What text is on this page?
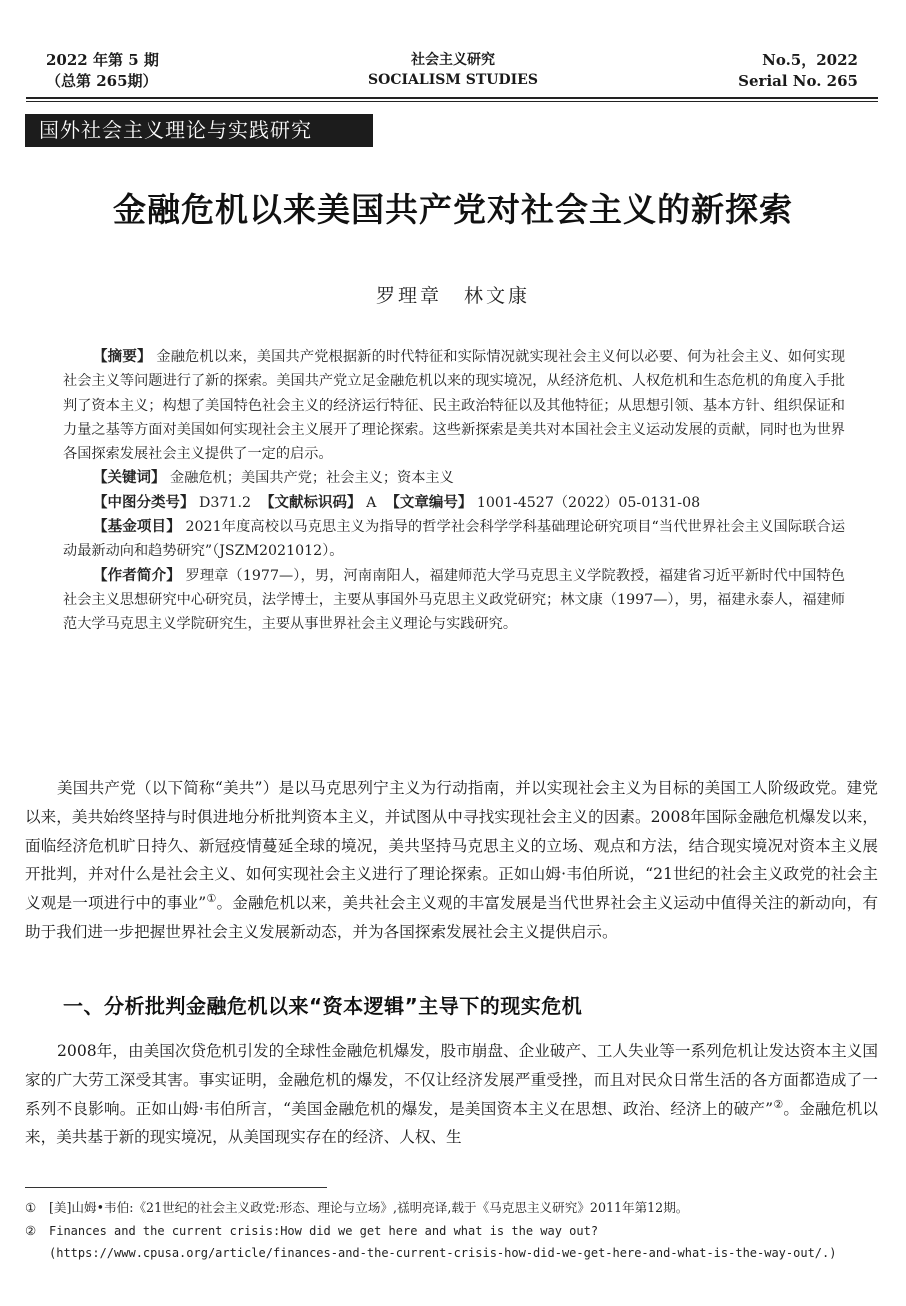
2022 年第 5 期
（总第 265期）
社会主义研究
SOCIALISM STUDIES
No.5，2022
Serial No. 265
国外社会主义理论与实践研究
金融危机以来美国共产党对社会主义的新探索
罗理章　林文康

【摘要】 金融危机以来，美国共产党根据新的时代特征和实际情况就实现社会主义何以必要、何为社会主义、如何实现社会主义等问题进行了新的探索。美国共产党立足金融危机以来的现实境况，从经济危机、人权危机和生态危机的角度入手批判了资本主义；构想了美国特色社会主义的经济运行特征、民主政治特征以及其他特征；从思想引领、基本方针、组织保证和力量之基等方面对美国如何实现社会主义展开了理论探索。这些新探索是美共对本国社会主义运动发展的贡献，同时也为世界各国探索发展社会主义提供了一定的启示。

【关键词】 金融危机；美国共产党；社会主义；资本主义

【中图分类号】 D371.2 【文献标识码】 A 【文章编号】 1001-4527（2022）05-0131-08

【基金项目】 2021年度高校以马克思主义为指导的哲学社会科学学科基础理论研究项目“当代世界社会主义国际联合运动最新动向和趋势研究”（JSZM2021012）。

【作者简介】 罗理章（1977—），男，河南南阳人，福建师范大学马克思主义学院教授，福建省习近平新时代中国特色社会主义思想研究中心研究员，法学博士，主要从事国外马克思主义政党研究；林文康（1997—），男，福建永泰人，福建师范大学马克思主义学院研究生，主要从事世界社会主义理论与实践研究。

美国共产党（以下简称“美共”）是以马克思列宁主义为行动指南，并以实现社会主义为目标的美国工人阶级政党。建党以来，美共始终坚持与时俱进地分析批判资本主义，并试图从中寻找实现社会主义的因素。2008年国际金融危机爆发以来，面临经济危机旷日持久、新冠疫情蔓延全球的境况，美共坚持马克思主义的立场、观点和方法，结合现实境况对资本主义展开批判，并对什么是社会主义、如何实现社会主义进行了理论探索。正如山姆·韦伯所说，“21世纪的社会主义政党的社会主义观是一项进行中的事业”①。金融危机以来，美共社会主义观的丰富发展是当代世界社会主义运动中值得关注的新动向，有助于我们进一步把握世界社会主义发展新动态，并为各国探索发展社会主义提供启示。

一、分析批判金融危机以来“资本逻辑”主导下的现实危机

2008年，由美国次贷危机引发的全球性金融危机爆发，股市崩盘、企业破产、工人失业等一系列危机让发达资本主义国家的广大劳工深受其害。事实证明，金融危机的爆发，不仅让经济发展严重受挫，而且对民众日常生活的各方面都造成了一系列不良影响。正如山姆·韦伯所言，“美国金融危机的爆发，是美国资本主义在思想、政治、经济上的破产”②。金融危机以来，美共基于新的现实境况，从美国现实存在的经济、人权、生

①	[美]山姆•韦伯:《21世纪的社会主义政党:形态、理论与立场》,禚明亮译,载于《马克思主义研究》2011年第12期。
②	Finances and the current crisis:How did we get here and what is the way out?(https://www.cpusa.org/article/finances-and-the-current-crisis-how-did-we-get-here-and-what-is-the-way-out/.)
